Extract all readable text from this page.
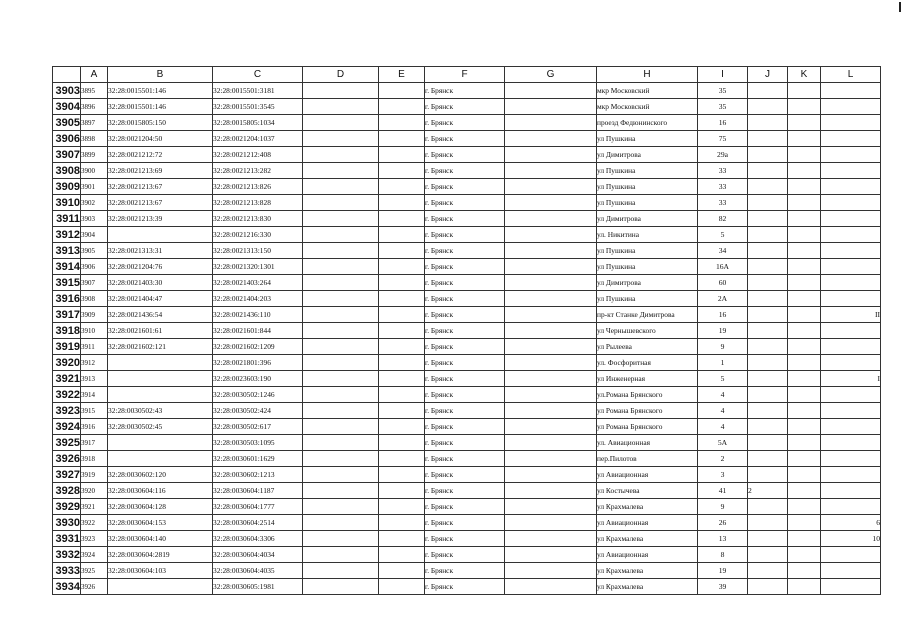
	A	B	C	D	E	F	G	H	I	J	K	L
3903	3895	32:28:0015501:146	32:28:0015501:3181			г. Брянск		мкр Московский	35			
3904	3896	32:28:0015501:146	32:28:0015501:3545			г. Брянск		мкр Московский	35			
3905	3897	32:28:0015805:150	32:28:0015805:1034			г. Брянск		проезд Федюнинского	16			
3906	3898	32:28:0021204:50	32:28:0021204:1037			г. Брянск		ул Пушкина	75			
3907	3899	32:28:0021212:72	32:28:0021212:408			г. Брянск		ул Димитрова	29а			
3908	3900	32:28:0021213:69	32:28:0021213:282			г. Брянск		ул Пушкина	33			
3909	3901	32:28:0021213:67	32:28:0021213:826			г. Брянск		ул Пушкина	33			
3910	3902	32:28:0021213:67	32:28:0021213:828			г. Брянск		ул Пушкина	33			
3911	3903	32:28:0021213:39	32:28:0021213:830			г. Брянск		ул Димитрова	82			
3912	3904		32:28:0021216:330			г. Брянск		ул. Никитина	5			
3913	3905	32:28:0021313:31	32:28:0021313:150			г. Брянск		ул Пушкина	34			
3914	3906	32:28:0021204:76	32:28:0021320:1301			г. Брянск		ул Пушкина	16А			
3915	3907	32:28:0021403:30	32:28:0021403:264			г. Брянск		ул Димитрова	60			
3916	3908	32:28:0021404:47	32:28:0021404:203			г. Брянск		ул Пушкина	2А			
3917	3909	32:28:0021436:54	32:28:0021436:110			г. Брянск		пр-кт Станке Димитрова	16			II
3918	3910	32:28:0021601:61	32:28:0021601:844			г. Брянск		ул Чернышевского	19			
3919	3911	32:28:0021602:121	32:28:0021602:1209			г. Брянск		ул Рылеева	9			
3920	3912		32:28:0021801:396			г. Брянск		ул. Фосфоритная	1			
3921	3913		32:28:0023603:190			г. Брянск		ул Инженерная	5			I
3922	3914		32:28:0030502:1246			г. Брянск		ул.Романа Брянского	4			
3923	3915	32:28:0030502:43	32:28:0030502:424			г. Брянск		ул Романа Брянского	4			
3924	3916	32:28:0030502:45	32:28:0030502:617			г. Брянск		ул Романа Брянского	4			
3925	3917		32:28:0030503:1095			г. Брянск		ул. Авиационная	5А			
3926	3918		32:28:0030601:1629			г. Брянск		пер.Пилотов	2			
3927	3919	32:28:0030602:120	32:28:0030602:1213			г. Брянск		ул Авиационная	3			
3928	3920	32:28:0030604:116	32:28:0030604:1187			г. Брянск		ул Костычева	41	2		
3929	3921	32:28:0030604:128	32:28:0030604:1777			г. Брянск		ул Крахмалева	9			
3930	3922	32:28:0030604:153	32:28:0030604:2514			г. Брянск		ул Авиационная	26			6
3931	3923	32:28:0030604:140	32:28:0030604:3306			г. Брянск		ул Крахмалева	13			10
3932	3924	32:28:0030604:2819	32:28:0030604:4034			г. Брянск		ул Авиационная	8			
3933	3925	32:28:0030604:103	32:28:0030604:4035			г. Брянск		ул Крахмалева	19			
3934	3926		32:28:0030605:1981			г. Брянск		ул Крахмалева	39			
